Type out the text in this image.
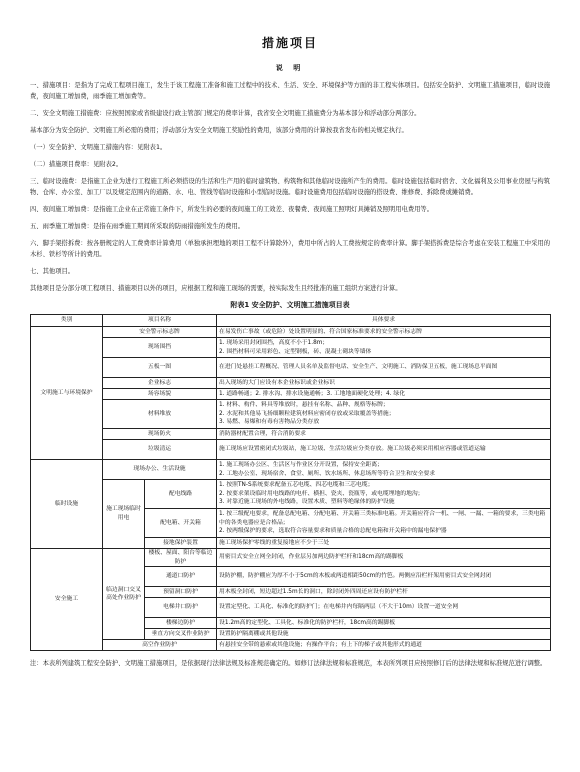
措施项目
说 明
一、措施项目：是指为了完成工程项目施工，发生于该工程施工准备和施工过程中的技术、生活、安全、环境保护等方面的非工程实体项目。包括安全防护、文明施工措施项目，临时设施费，夜间施工增加费，雨季施工增加费等。
二、安全文明施工措施费：应按照国家或省级建设行政主管部门规定的费率计算，我省安全文明施工措施费分为基本部分和浮动部分两部分。
基本部分为安全防护、文明施工所必需的费用；浮动部分为安全文明施工奖励性的费用，该部分费用的计算按我省发布的相关规定执行。
（一）安全防护、文明施工措施内容：见附表1。
（二）措施项目费率：见附表2。
三、临时设施费：是指施工企业为进行工程施工所必须搭设的生活和生产用的临时建筑物、构筑物和其他临时设施所产生的费用。临时设施包括临时宿舍、文化福利及公用事业房屋与构筑物、仓库、办公室、加工厂以及规定范围内的道路、水、电、管线等临时设施和小型临时设施。临时设施费用包括临时设施的搭设费、维修费、拆除费或摊销费。
四、夜间施工增加费：是指施工企业在正常施工条件下，所发生的必要的夜间施工的工效差、夜餐费、夜间施工照明灯具摊销及照明用电费用等。
五、雨季施工增加费：是指在雨季施工期间所采取的防雨措施所发生的费用。
六、脚手架搭拆费：按各册规定的人工费费率计算费用（单独承担埋地的项目工程不计算除外），费用中所占的人工费按规定的费率计算。脚手架搭拆费是综合考虑在安装工程施工中采用的木杉、铁杉等所计的费用。
七、其他项目。
其他项目是分部分项工程项目、措施项目以外的项目，应根据工程和施工现场的需要，按实际发生且经批准的施工组织方案进行计算。
附表1 安全防护、文明施工措施项目表
类别	项目名称		具体要求
文明施工与环境保护	安全警示标志牌		在易发伤亡事故（或危险）处设置明显的、符合国家标准要求的安全警示标志牌
	现场围挡		1. 现场采用封闭围挡，高度不小于1.8m；
2. 围挡材料可采用彩色、定型钢板，砖、混凝土砌块等墙体
	五板一图		在进门处悬挂工程概况、管理人员名单及监督电话、安全生产、文明施工、消防保卫五板，施工现场总平面图
	企业标志		出入现场的大门应设有本企业标识或企业标识
	场容场貌		1. 道路畅通；2. 排水沟、排水设施通畅；3. 工地地面硬化处理；4. 绿化
	材料堆放		1. 材料、构件、料具等堆放时，悬挂有名称、品种、规格等标牌；
2. 水泥和其他易飞扬细颗粒建筑材料应密闭存放或采取覆盖等措施；
3. 易燃、易爆和有毒有害物品分类存放
	现场防火		消防器材配置合理，符合消防要求
	垃圾清运		施工现场应设置密闭式垃圾站，施工垃圾、生活垃圾应分类存放。施工垃圾必须采用相应容器或管道运输
临时设施	现场办公、生活设施		1. 施工现场办公区、生活区与作业区分开设置，保持安全距离；
2. 工地办公室、现场宿舍、食堂、厕所、饮水场所、休息场所等符合卫生和安全要求
	施工现场临时用电	配电线路	1. 按照TN-S系统要求配备五芯电缆、四芯电缆和三芯电缆；
2. 按要求架设临时用电线路的电杆、横担、瓷夹、瓷瓶等，或电缆埋地的地沟；
3. 对靠近施工现场的外电线路，设置木质、塑料等绝缘体的防护设施
		配电箱、开关箱	1. 按三级配电要求，配备总配电箱、分配电箱、开关箱三类标准电箱。开关箱应符合一机、一闸、一漏、一箱的要求，三类电箱中的各类电器应是合格品；
2. 按两级保护的要求，选取符合容量要求和质量合格的总配电箱和开关箱中的漏电保护器
		接地保护装置	施工现场保护零线的重复接地应不少于三处
安全施工	临边洞口交叉高处作业防护	楼板、屋面、阳台等临边防护	用密目式安全立网全封闭，作业层另加两边防护栏杆和18cm高的踢脚板
		通道口防护	设防护棚，防护棚应为厚不小于5cm的木板或两道相距50cm的竹笆。两侧应沿栏杆架用密目式安全网封闭
		预留洞口防护	用木板全封闭，短边超过1.5m长的洞口，除封闭外四周还应设有防护栏杆
		电梯井口防护	设置定型化、工具化、标准化的防护门；在电梯井内每隔两层（不大于10m）设置一道安全网
		楼梯边防护	设1.2m高的定型化、工具化、标准化的防护栏杆，18cm高的踢脚板
		垂直方向交叉作业防护	设置防护隔离棚或其他设施
	高空作业防护		有悬挂安全带的悬索或其他设施；有操作平台；有上下的梯子或其他形式的通道
注：本表所列建筑工程安全防护、文明施工措施项目，是依据现行法律法规及标准规范确定的。如修订法律法规和标准规范，本表所列项目应按照修订后的法律法规和标准规范进行调整。
